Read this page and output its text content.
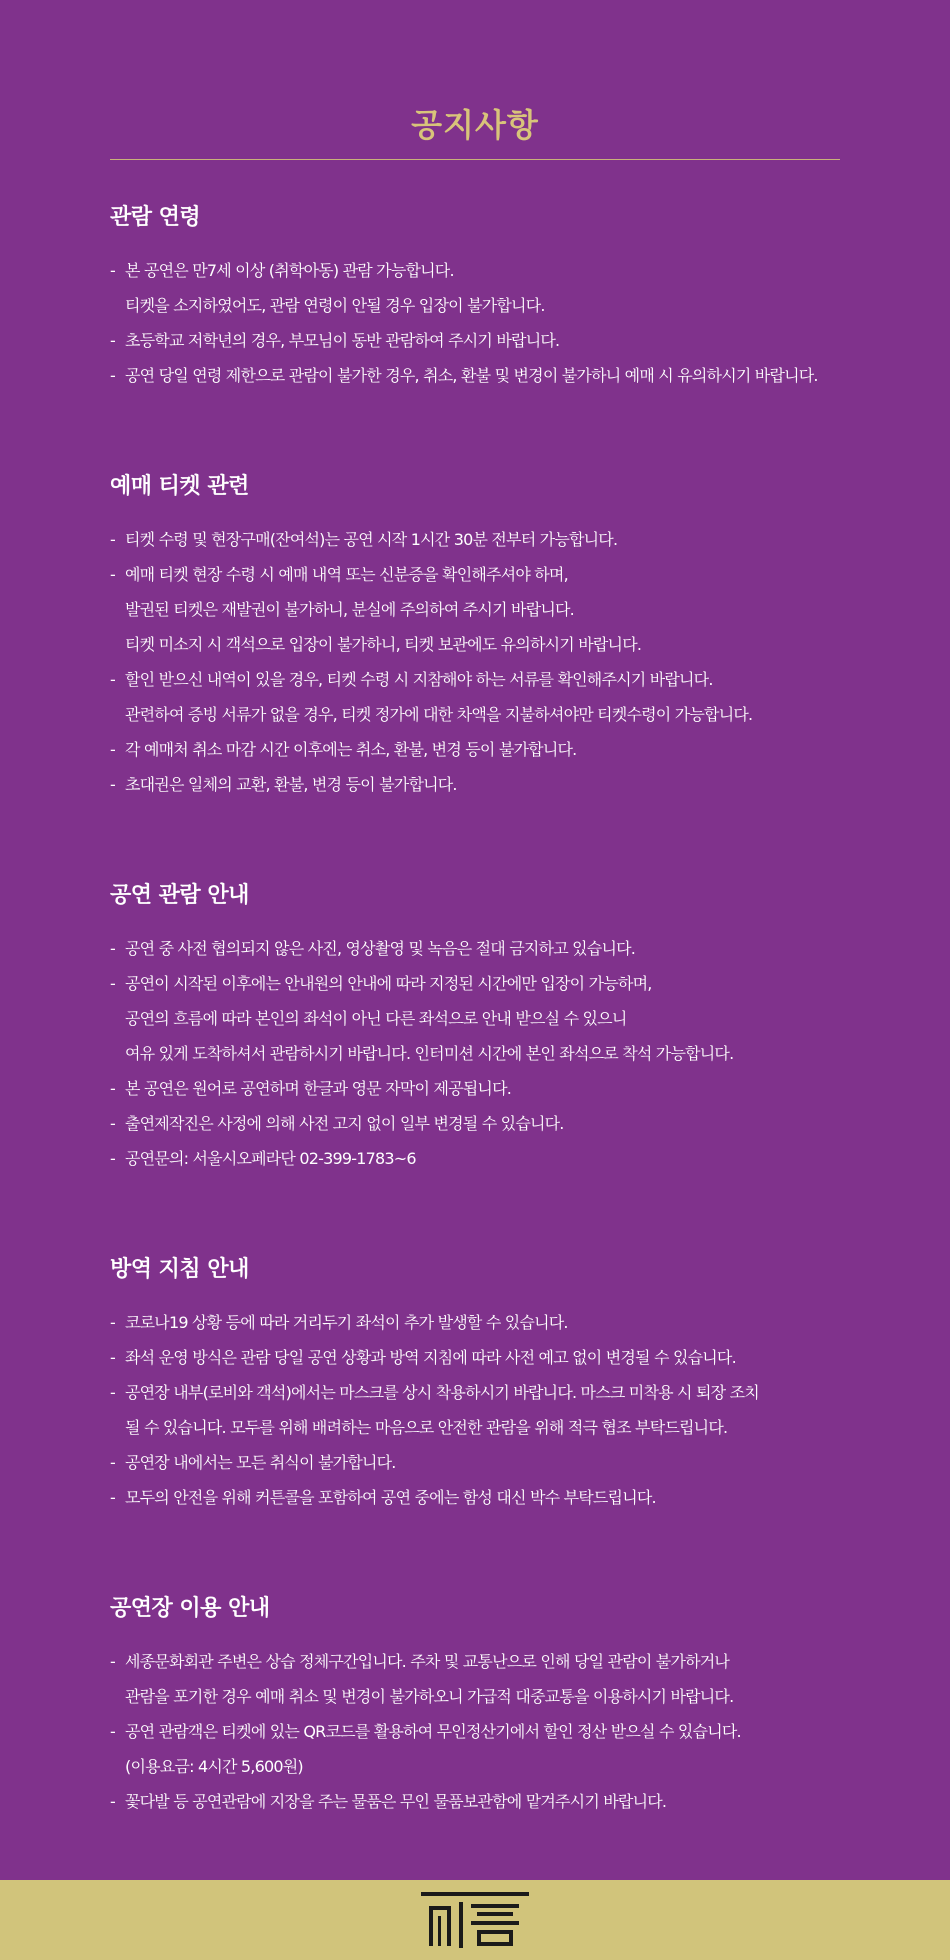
공지사항
관람 연령

- 본 공연은 만7세 이상 (취학아동) 관람 가능합니다.

티켓을 소지하였어도, 관람 연령이 안될 경우 입장이 불가합니다.

- 초등학교 저학년의 경우, 부모님이 동반 관람하여 주시기 바랍니다.

- 공연 당일 연령 제한으로 관람이 불가한 경우, 취소, 환불 및 변경이 불가하니 예매 시 유의하시기 바랍니다.

예매 티켓 관련

- 티켓 수령 및 현장구매(잔여석)는 공연 시작 1시간 30분 전부터 가능합니다.

- 예매 티켓 현장 수령 시 예매 내역 또는 신분증을 확인해주셔야 하며,

발권된 티켓은 재발권이 불가하니, 분실에 주의하여 주시기 바랍니다.

티켓 미소지 시 객석으로 입장이 불가하니, 티켓 보관에도 유의하시기 바랍니다.

- 할인 받으신 내역이 있을 경우, 티켓 수령 시 지참해야 하는 서류를 확인해주시기 바랍니다.

관련하여 증빙 서류가 없을 경우, 티켓 정가에 대한 차액을 지불하셔야만 티켓수령이 가능합니다.

- 각 예매처 취소 마감 시간 이후에는 취소, 환불, 변경 등이 불가합니다.

- 초대권은 일체의 교환, 환불, 변경 등이 불가합니다.

공연 관람 안내

- 공연 중 사전 협의되지 않은 사진, 영상촬영 및 녹음은 절대 금지하고 있습니다.

- 공연이 시작된 이후에는 안내원의 안내에 따라 지정된 시간에만 입장이 가능하며,

공연의 흐름에 따라 본인의 좌석이 아닌 다른 좌석으로 안내 받으실 수 있으니

여유 있게 도착하셔서 관람하시기 바랍니다. 인터미션 시간에 본인 좌석으로 착석 가능합니다.

- 본 공연은 원어로 공연하며 한글과 영문 자막이 제공됩니다.

- 출연제작진은 사정에 의해 사전 고지 없이 일부 변경될 수 있습니다.

- 공연문의: 서울시오페라단 02-399-1783~6

방역 지침 안내

- 코로나19 상황 등에 따라 거리두기 좌석이 추가 발생할 수 있습니다.

- 좌석 운영 방식은 관람 당일 공연 상황과 방역 지침에 따라 사전 예고 없이 변경될 수 있습니다.

- 공연장 내부(로비와 객석)에서는 마스크를 상시 착용하시기 바랍니다. 마스크 미착용 시 퇴장 조치

될 수 있습니다. 모두를 위해 배려하는 마음으로 안전한 관람을 위해 적극 협조 부탁드립니다.

- 공연장 내에서는 모든 취식이 불가합니다.

- 모두의 안전을 위해 커튼콜을 포함하여 공연 중에는 함성 대신 박수 부탁드립니다.

공연장 이용 안내

- 세종문화회관 주변은 상습 정체구간입니다. 주차 및 교통난으로 인해 당일 관람이 불가하거나

관람을 포기한 경우 예매 취소 및 변경이 불가하오니 가급적 대중교통을 이용하시기 바랍니다.

- 공연 관람객은 티켓에 있는 QR코드를 활용하여 무인정산기에서 할인 정산 받으실 수 있습니다.

(이용요금: 4시간 5,600원)

- 꽃다발 등 공연관람에 지장을 주는 물품은 무인 물품보관함에 맡겨주시기 바랍니다.
